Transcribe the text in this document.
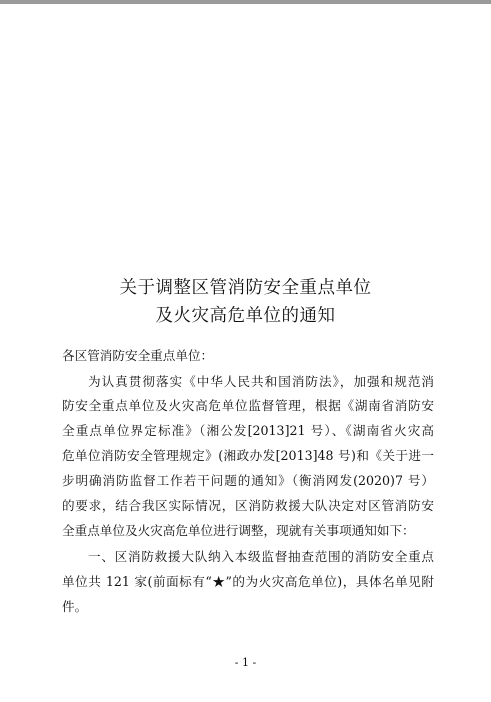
关于调整区管消防安全重点单位
及火灾高危单位的通知
各区管消防安全重点单位：
为认真贯彻落实《中华人民共和国消防法》，加强和规范消
防安全重点单位及火灾高危单位监督管理，根据《湖南省消防安
全重点单位界定标准》（湘公发[2013]21 号）、《湖南省火灾高
危单位消防安全管理规定》(湘政办发[2013]48 号)和《关于进一
步明确消防监督工作若干问题的通知》（衡消网发(2020)7 号）
的要求，结合我区实际情况，区消防救援大队决定对区管消防安
全重点单位及火灾高危单位进行调整，现就有关事项通知如下：
一、区消防救援大队纳入本级监督抽查范围的消防安全重点
单位共 121 家(前面标有“★”的为火灾高危单位)，具体名单见附
件。
- 1 -
